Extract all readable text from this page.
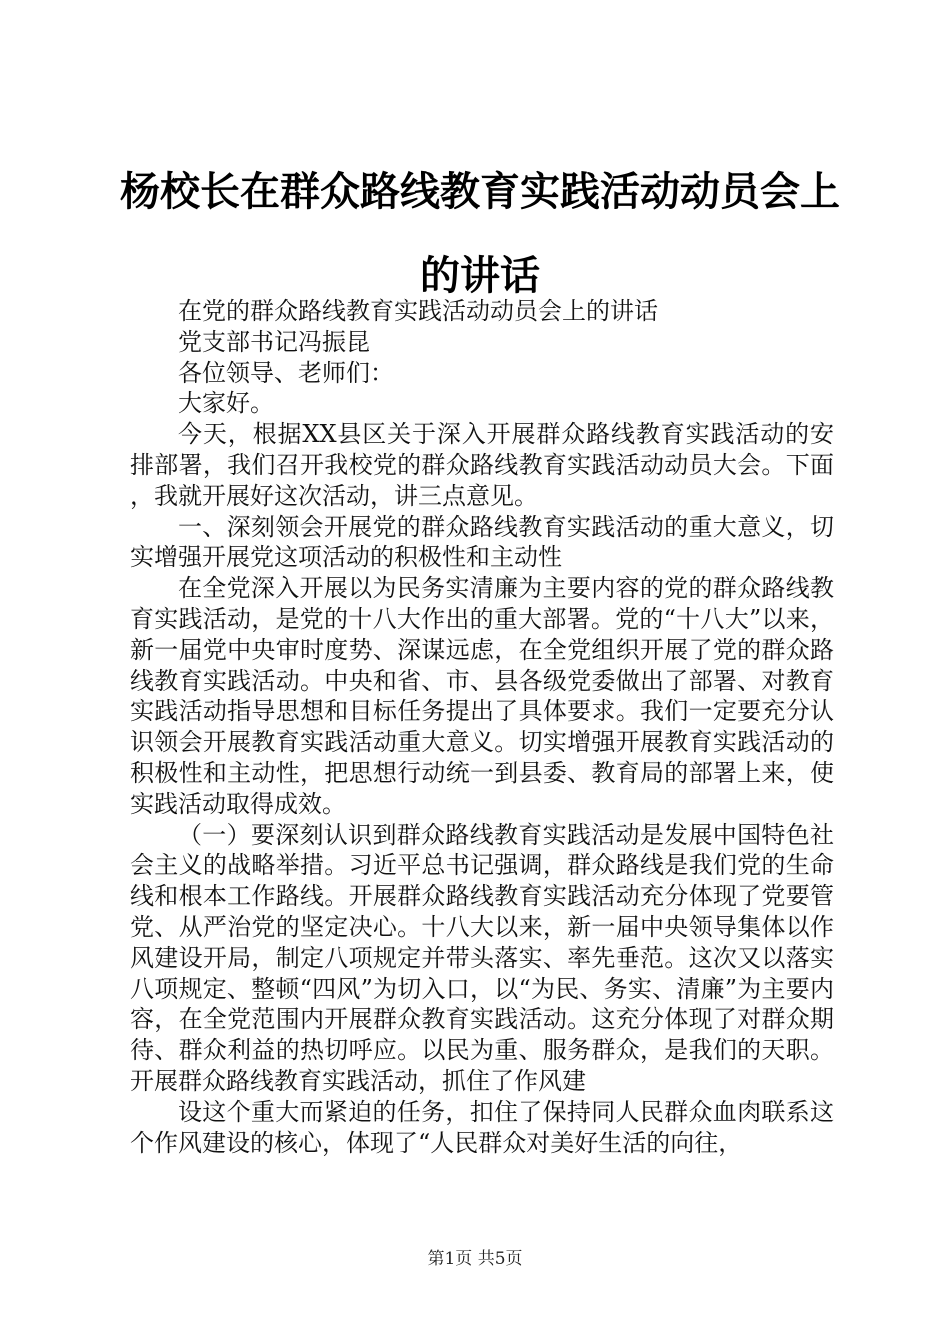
杨校长在群众路线教育实践活动动员会上的讲话

在党的群众路线教育实践活动动员会上的讲话

党支部书记冯振昆

各位领导、老师们：

大家好。

今天，根据XX县区关于深入开展群众路线教育实践活动的安排部署，我们召开我校党的群众路线教育实践活动动员大会。下面，我就开展好这次活动，讲三点意见。

一、深刻领会开展党的群众路线教育实践活动的重大意义，切实增强开展党这项活动的积极性和主动性

在全党深入开展以为民务实清廉为主要内容的党的群众路线教育实践活动，是党的十八大作出的重大部署。党的“十八大”以来，新一届党中央审时度势、深谋远虑，在全党组织开展了党的群众路线教育实践活动。中央和省、市、县各级党委做出了部署、对教育实践活动指导思想和目标任务提出了具体要求。我们一定要充分认识领会开展教育实践活动重大意义。切实增强开展教育实践活动的积极性和主动性，把思想行动统一到县委、教育局的部署上来，使实践活动取得成效。

（一）要深刻认识到群众路线教育实践活动是发展中国特色社会主义的战略举措。习近平总书记强调，群众路线是我们党的生命线和根本工作路线。开展群众路线教育实践活动充分体现了党要管党、从严治党的坚定决心。十八大以来，新一届中央领导集体以作风建设开局，制定八项规定并带头落实、率先垂范。这次又以落实八项规定、整顿“四风”为切入口，以“为民、务实、清廉”为主要内容，在全党范围内开展群众教育实践活动。这充分体现了对群众期待、群众利益的热切呼应。以民为重、服务群众，是我们的天职。开展群众路线教育实践活动，抓住了作风建

设这个重大而紧迫的任务，扣住了保持同人民群众血肉联系这个作风建设的核心，体现了“人民群众对美好生活的向往，

第1页 共5页
